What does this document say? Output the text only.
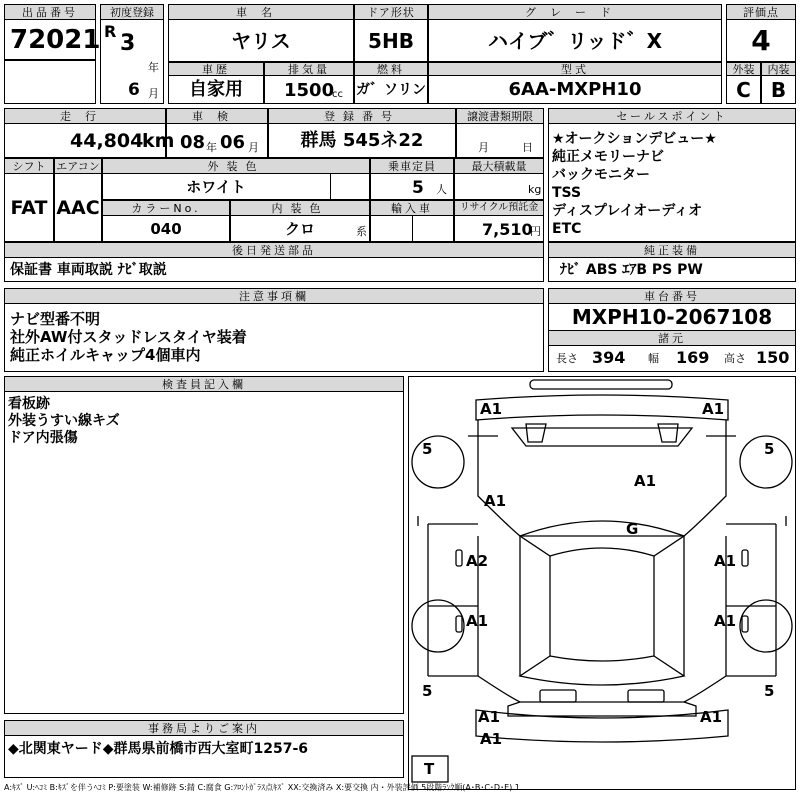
出品番号
72021
初度登録
R 3
年
6 月
車名
ヤリス
ドア形状
5HB
グレード
ハイブ゛リッド゛X
評価点
4
車歴
自家用
排気量
1500
cc
燃料
ガ゛ソリン
型式
6AA-MXPH10
外装
C
内装
B
走行
44,804
km
車検
08 年 06 月
登録番号
群馬 545ネ22
譲渡書類期限
月	日
セールスポイント
★オークションデビュー★
純正メモリーナビ
バックモニター
TSS
ディスプレイオーディオ
ETC
シフト
FAT
エアコン
AAC
外装色
ホワイト
乗車定員
5 人
最大積載量
kg
カラーNo.
040
内装色
クロ	系
輸入車	リサイクル預託金
7,510
円
後日発送部品
保証書 車両取説 ﾅﾋﾞ取説
純正装備
ﾅﾋﾞ ABS ｴｱB PS PW
注意事項欄
ナビ型番不明
社外AW付スタッドレスタイヤ装着
純正ホイルキャップ4個車内
車台番号
MXPH10-2067108
諸元
長さ 394 幅 169 高さ 150
検査員記入欄
看板跡
外装うすい線キズ
ドア内張傷
A1	A1
A1
A1
G
A2	A1
A1	A1
A1	A1
A1
5	5
5	5
T
事務局よりご案内
◆北関東ヤード◆群馬県前橋市西大室町1257-6
A:ｷｽﾞ U:ﾍｺﾐ B:ｷｽﾞを伴うﾍｺﾐ P:要塗装 W:補修跡 S:錆 C:腐食 G:ﾌﾛﾝﾄｶﾞﾗｽ点ｷｽﾞ XX:交換済み X:要交換 内・外装評価 5段階ﾗﾝｸ順(A･B･C･D･E) 1
